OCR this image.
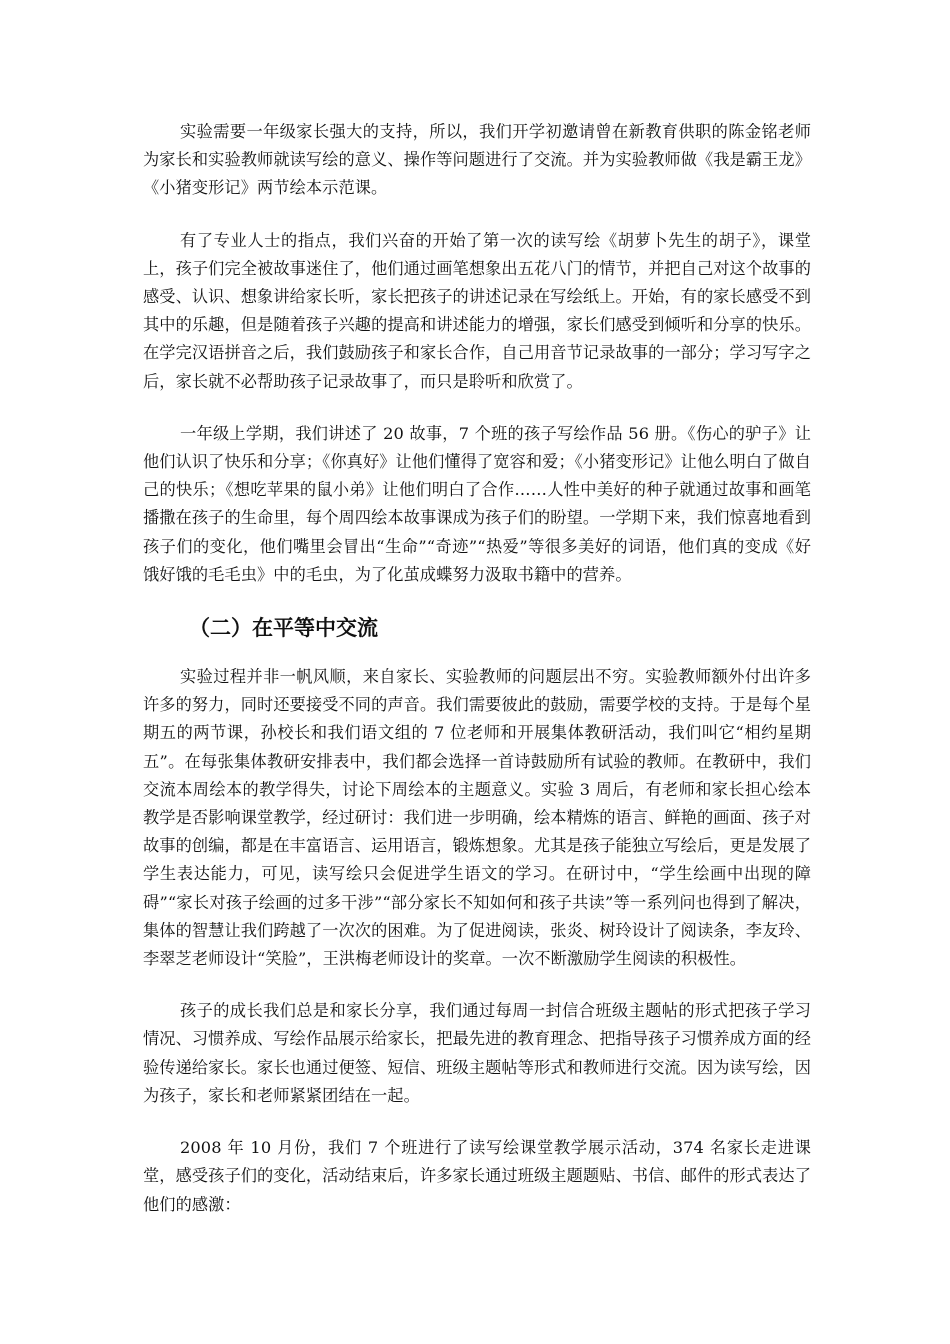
实验需要一年级家长强大的支持，所以，我们开学初邀请曾在新教育供职的陈金铭老师为家长和实验教师就读写绘的意义、操作等问题进行了交流。并为实验教师做《我是霸王龙》《小猪变形记》两节绘本示范课。

有了专业人士的指点，我们兴奋的开始了第一次的读写绘《胡萝卜先生的胡子》，课堂上，孩子们完全被故事迷住了，他们通过画笔想象出五花八门的情节，并把自己对这个故事的感受、认识、想象讲给家长听，家长把孩子的讲述记录在写绘纸上。开始，有的家长感受不到其中的乐趣，但是随着孩子兴趣的提高和讲述能力的增强，家长们感受到倾听和分享的快乐。在学完汉语拼音之后，我们鼓励孩子和家长合作，自己用音节记录故事的一部分；学习写字之后，家长就不必帮助孩子记录故事了，而只是聆听和欣赏了。

一年级上学期，我们讲述了 20 故事，7 个班的孩子写绘作品 56 册。《伤心的驴子》让他们认识了快乐和分享；《你真好》让他们懂得了宽容和爱；《小猪变形记》让他么明白了做自己的快乐；《想吃苹果的鼠小弟》让他们明白了合作……人性中美好的种子就通过故事和画笔播撒在孩子的生命里，每个周四绘本故事课成为孩子们的盼望。一学期下来，我们惊喜地看到孩子们的变化，他们嘴里会冒出“生命”“奇迹”“热爱”等很多美好的词语，他们真的变成《好饿好饿的毛毛虫》中的毛虫，为了化茧成蝶努力汲取书籍中的营养。

（二）在平等中交流

实验过程并非一帆风顺，来自家长、实验教师的问题层出不穷。实验教师额外付出许多许多的努力，同时还要接受不同的声音。我们需要彼此的鼓励，需要学校的支持。于是每个星期五的两节课，孙校长和我们语文组的 7 位老师和开展集体教研活动，我们叫它“相约星期五”。在每张集体教研安排表中，我们都会选择一首诗鼓励所有试验的教师。在教研中，我们交流本周绘本的教学得失，讨论下周绘本的主题意义。实验 3 周后，有老师和家长担心绘本教学是否影响课堂教学，经过研讨：我们进一步明确，绘本精炼的语言、鲜艳的画面、孩子对故事的创编，都是在丰富语言、运用语言，锻炼想象。尤其是孩子能独立写绘后，更是发展了学生表达能力，可见，读写绘只会促进学生语文的学习。在研讨中，“学生绘画中出现的障碍”“家长对孩子绘画的过多干涉”“部分家长不知如何和孩子共读”等一系列问也得到了解决，集体的智慧让我们跨越了一次次的困难。为了促进阅读，张炎、树玲设计了阅读条，李友玲、李翠芝老师设计“笑脸”，王洪梅老师设计的奖章。一次不断激励学生阅读的积极性。

孩子的成长我们总是和家长分享，我们通过每周一封信合班级主题帖的形式把孩子学习情况、习惯养成、写绘作品展示给家长，把最先进的教育理念、把指导孩子习惯养成方面的经验传递给家长。家长也通过便签、短信、班级主题帖等形式和教师进行交流。因为读写绘，因为孩子，家长和老师紧紧团结在一起。

2008 年 10 月份，我们 7 个班进行了读写绘课堂教学展示活动，374 名家长走进课堂，感受孩子们的变化，活动结束后，许多家长通过班级主题题贴、书信、邮件的形式表达了他们的感激：
